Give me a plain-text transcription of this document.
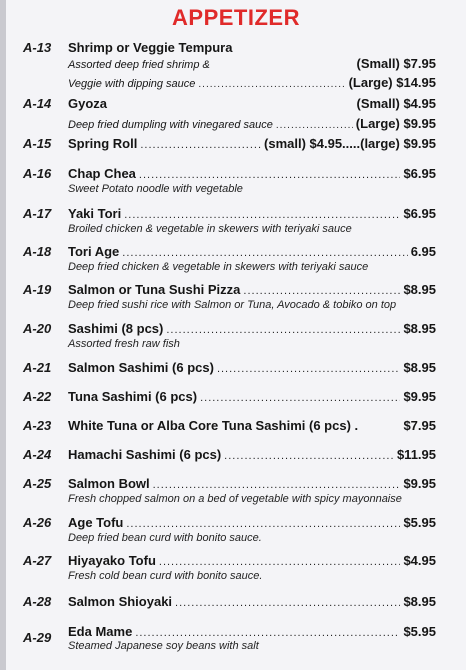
APPETIZER
A-13 Shrimp or Veggie Tempura
Assorted deep fried shrimp &	(Small) $7.95
Veggie with dipping sauce .....	(Large) $14.95
A-14 Gyoza	(Small) $4.95
Deep fried dumpling with vinegared sauce .....	(Large) $9.95
A-15 Spring Roll .....	(small) $4.95.....(large) $9.95
A-16 Chap Chea .....	$6.95
Sweet Potato noodle with vegetable
A-17 Yaki Tori .....	$6.95
Broiled chicken & vegetable in skewers with teriyaki sauce
A-18 Tori Age .....	6.95
Deep fried chicken & vegetable in skewers with teriyaki sauce
A-19 Salmon or Tuna Sushi Pizza .....	$8.95
Deep fried sushi rice with Salmon or Tuna, Avocado & tobiko on top
A-20 Sashimi (8 pcs) .....	$8.95
Assorted fresh raw fish
A-21 Salmon Sashimi (6 pcs) .....	$8.95
A-22 Tuna Sashimi (6 pcs) .....	$9.95
A-23 White Tuna or Alba Core Tuna Sashimi (6 pcs) .	$7.95
A-24 Hamachi Sashimi (6 pcs) .....	$11.95
A-25 Salmon Bowl .....	$9.95
Fresh chopped salmon on a bed of vegetable with spicy mayonnaise
A-26 Age Tofu .....	$5.95
Deep fried bean curd with bonito sauce.
A-27 Hiyayako Tofu .....	$4.95
Fresh cold bean curd with bonito sauce.
A-28 Salmon Shioyaki .....	$8.95
A-29 Eda Mame .....	$5.95
Steamed Japanese soy beans with salt
